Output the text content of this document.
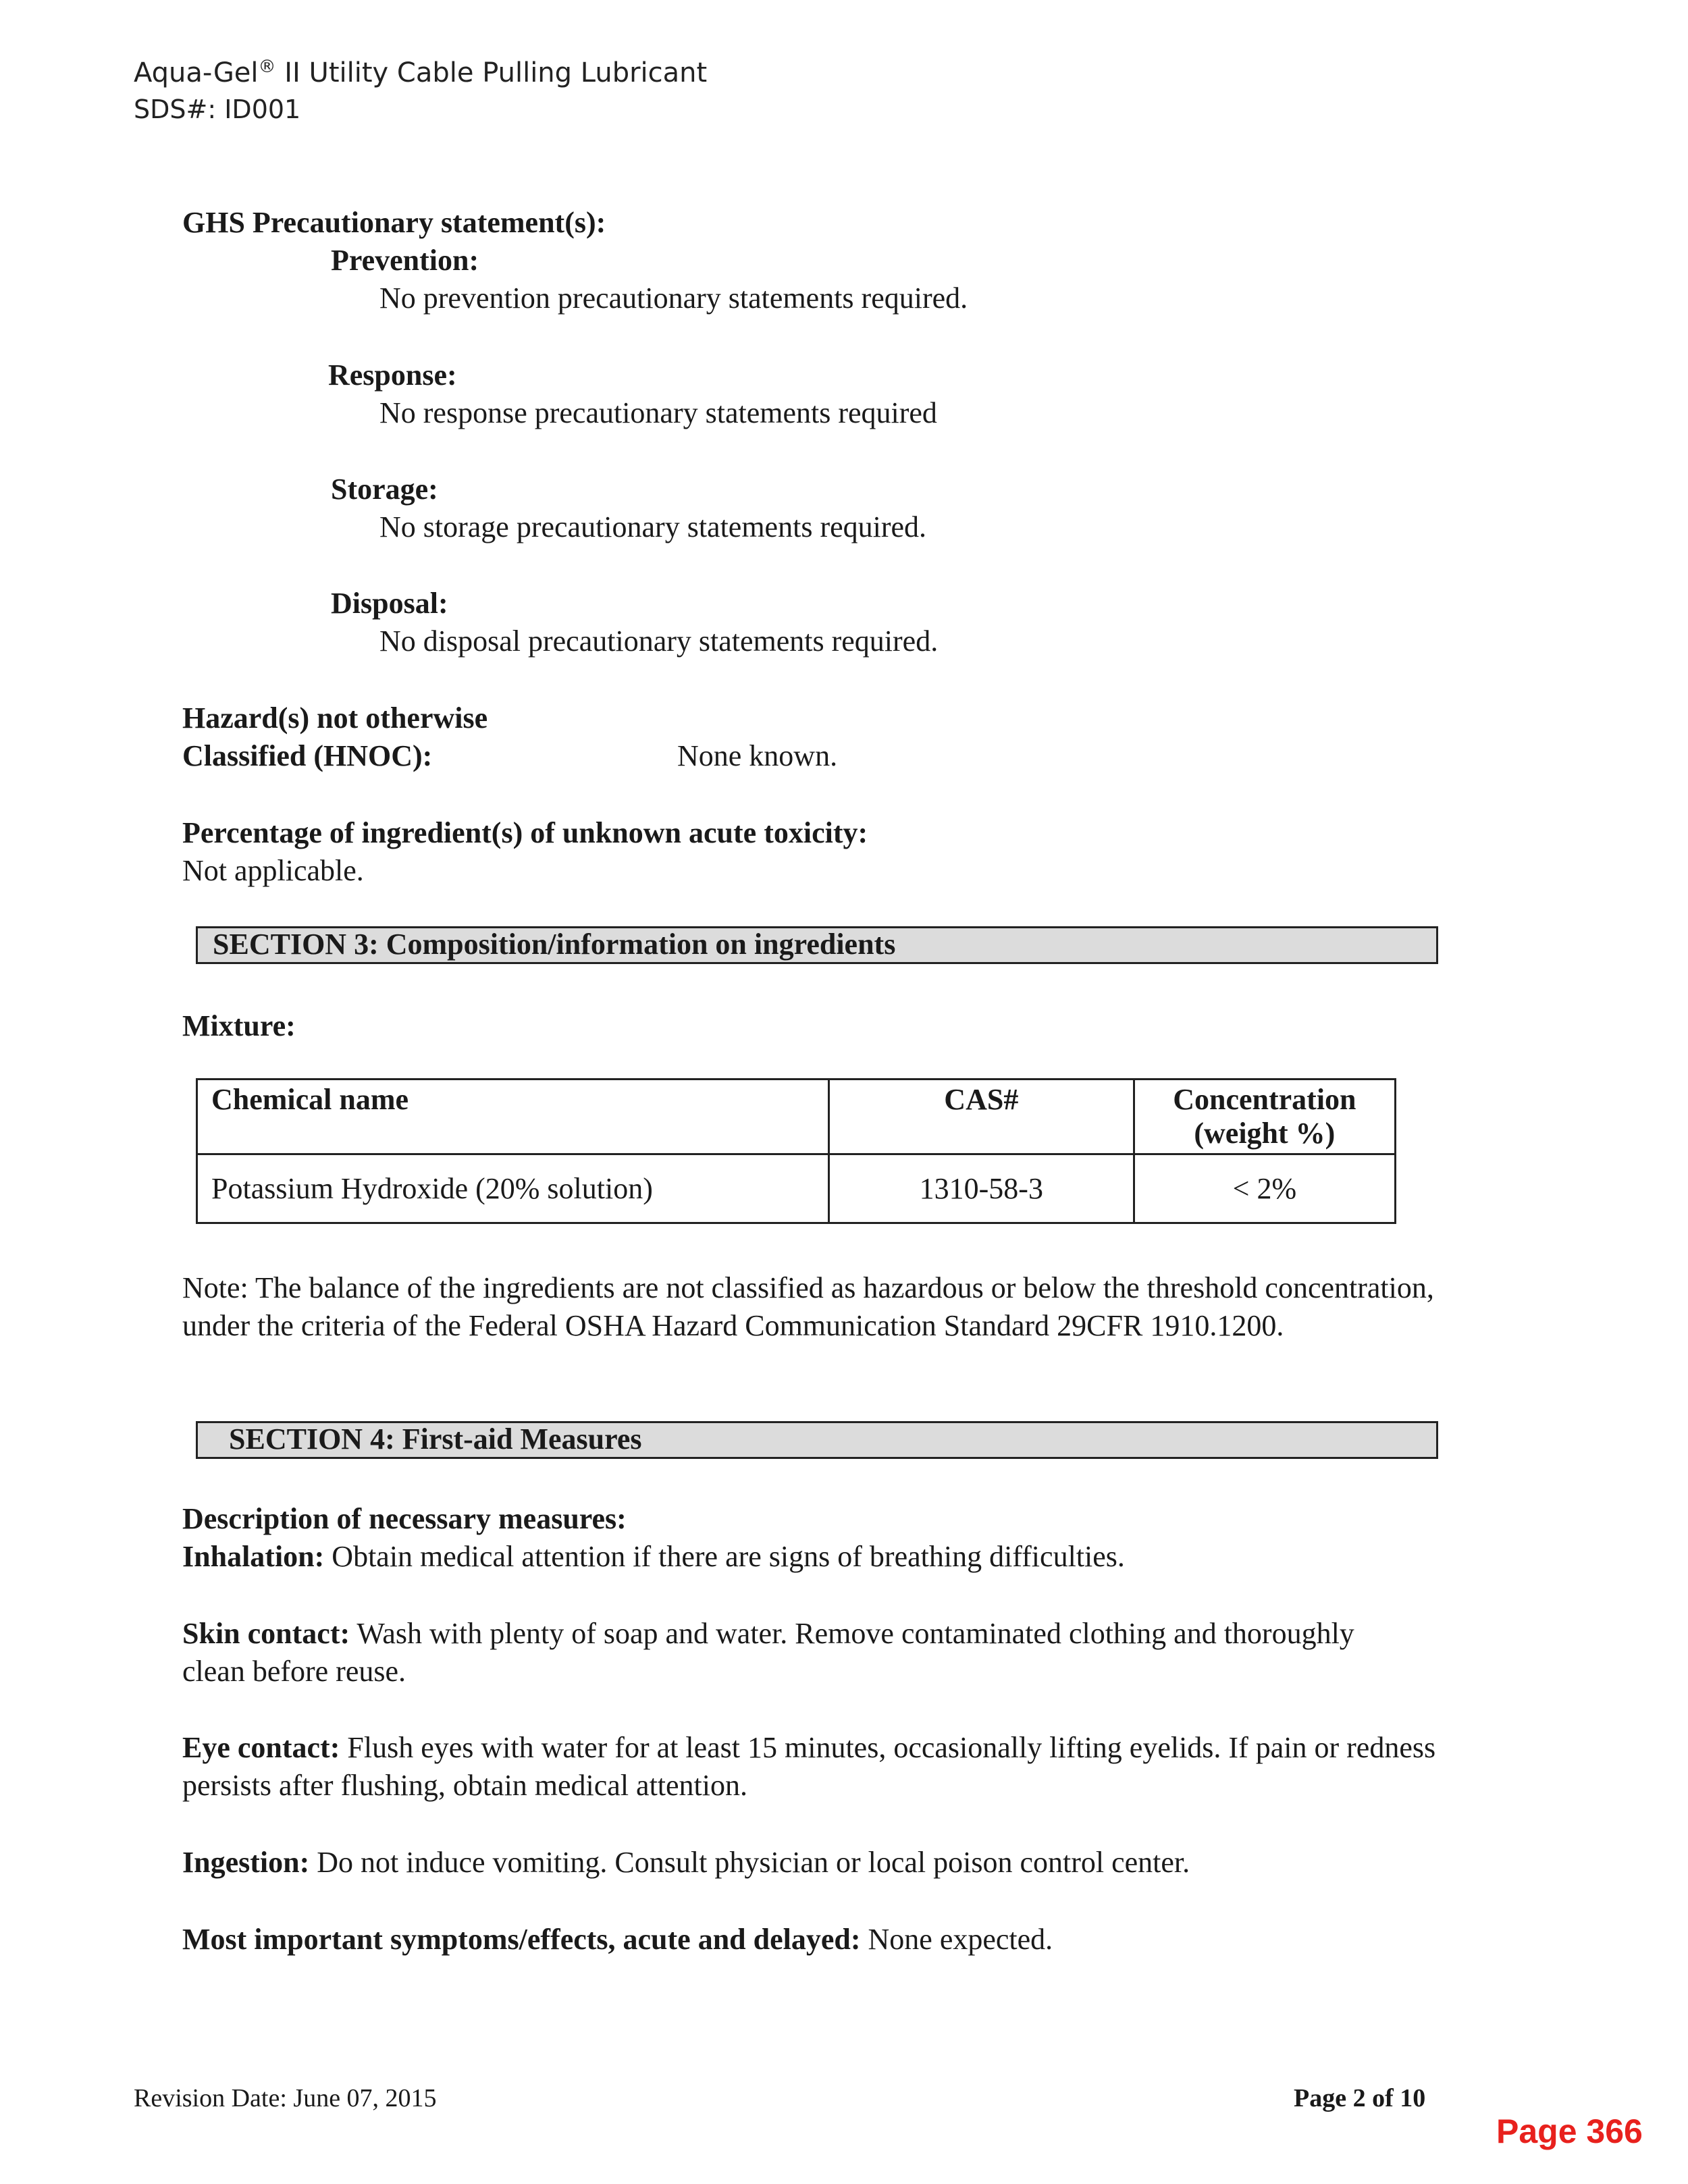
Aqua-Gel® II Utility Cable Pulling Lubricant
SDS#: ID001
GHS Precautionary statement(s):
Prevention:
No prevention precautionary statements required.
Response:
No response precautionary statements required
Storage:
No storage precautionary statements required.
Disposal:
No disposal precautionary statements required.
Hazard(s) not otherwise
Classified (HNOC):	None known.
Percentage of ingredient(s) of unknown acute toxicity:
Not applicable.
SECTION 3: Composition/information on ingredients
Mixture:
Chemical name	CAS#	Concentration (weight %)
Potassium Hydroxide (20% solution)	1310-58-3	< 2%
Note: The balance of the ingredients are not classified as hazardous or below the threshold concentration, under the criteria of the Federal OSHA Hazard Communication Standard 29CFR 1910.1200.
SECTION 4: First-aid Measures
Description of necessary measures:
Inhalation: Obtain medical attention if there are signs of breathing difficulties.
Skin contact: Wash with plenty of soap and water. Remove contaminated clothing and thoroughly clean before reuse.
Eye contact: Flush eyes with water for at least 15 minutes, occasionally lifting eyelids. If pain or redness persists after flushing, obtain medical attention.
Ingestion: Do not induce vomiting. Consult physician or local poison control center.
Most important symptoms/effects, acute and delayed: None expected.
Revision Date: June 07, 2015	Page 2 of 10
Page 366
